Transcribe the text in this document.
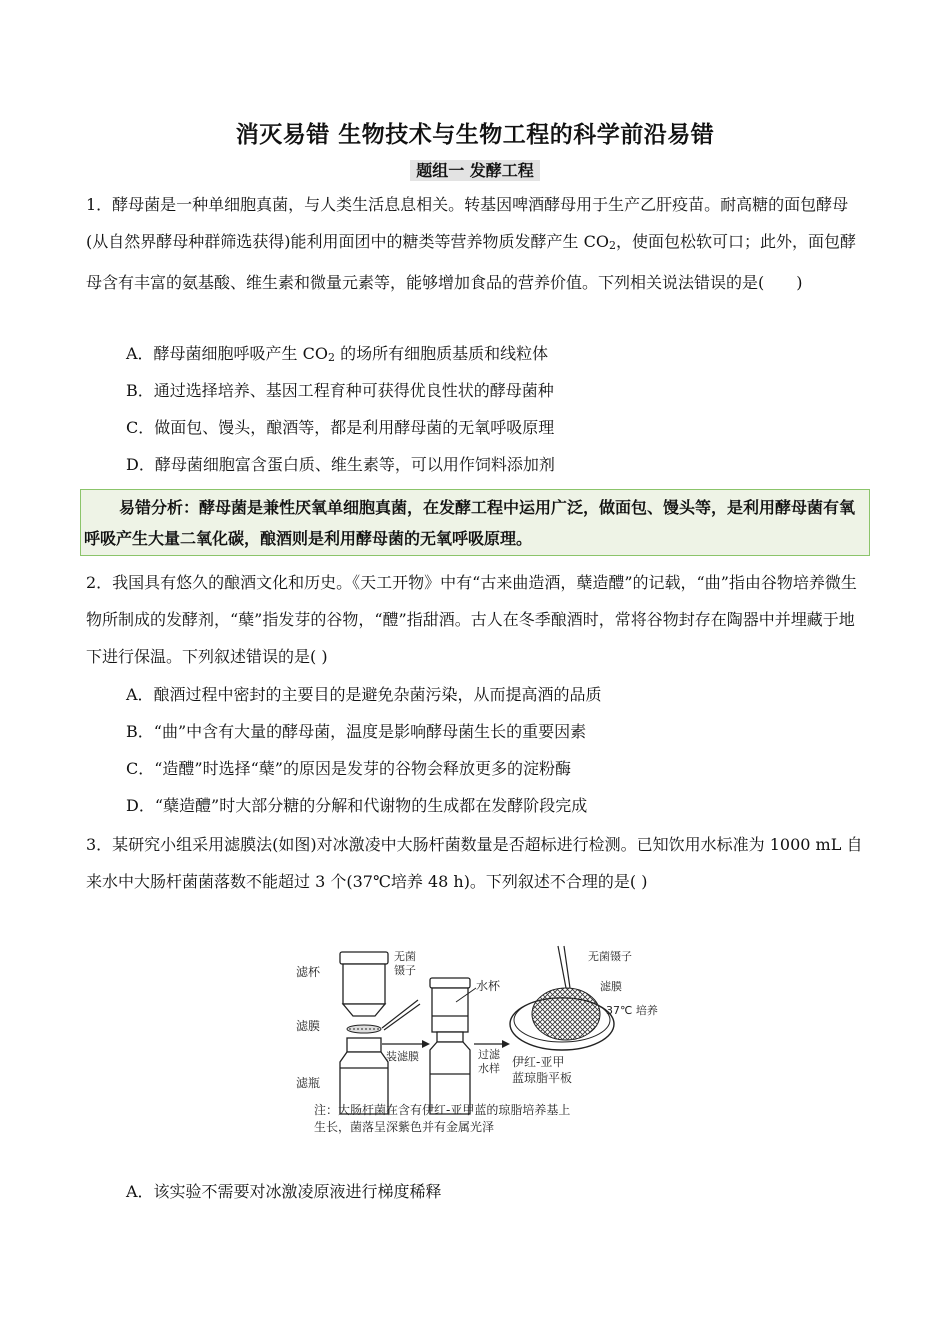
消灭易错 生物技术与生物工程的科学前沿易错
题组一 发酵工程

1．酵母菌是一种单细胞真菌，与人类生活息息相关。转基因啤酒酵母用于生产乙肝疫苗。耐高糖的面包酵母(从自然界酵母种群筛选获得)能利用面团中的糖类等营养物质发酵产生 $CO_2$，使面包松软可口；此外，面包酵母含有丰富的氨基酸、维生素和微量元素等，能够增加食品的营养价值。下列相关说法错误的是(　　)

A．酵母菌细胞呼吸产生 $CO_2$ 的场所有细胞质基质和线粒体

B．通过选择培养、基因工程育种可获得优良性状的酵母菌种

C．做面包、馒头，酿酒等，都是利用酵母菌的无氧呼吸原理

D．酵母菌细胞富含蛋白质、维生素等，可以用作饲料添加剂

易错分析：酵母菌是兼性厌氧单细胞真菌，在发酵工程中运用广泛，做面包、馒头等，是利用酵母菌有氧呼吸产生大量二氧化碳，酿酒则是利用酵母菌的无氧呼吸原理。

2．我国具有悠久的酿酒文化和历史。《天工开物》中有“古来曲造酒，蘖造醴”的记载，“曲”指由谷物培养微生物所制成的发酵剂，“蘖”指发芽的谷物，“醴”指甜酒。古人在冬季酿酒时，常将谷物封存在陶器中并埋藏于地下进行保温。下列叙述错误的是( )

A．酿酒过程中密封的主要目的是避免杂菌污染，从而提高酒的品质

B．“曲”中含有大量的酵母菌，温度是影响酵母菌生长的重要因素

C．“造醴”时选择“蘖”的原因是发芽的谷物会释放更多的淀粉酶

D．“蘖造醴”时大部分糖的分解和代谢物的生成都在发酵阶段完成

3．某研究小组采用滤膜法(如图)对冰激凌中大肠杆菌数量是否超标进行检测。已知饮用水标准为 1000 mL 自来水中大肠杆菌菌落数不能超过 3 个(37℃培养 48 h)。下列叙述不合理的是( )

滤杯
滤膜
滤瓶
无菌
镊子
装滤膜
水杯
过滤
水样
无菌镊子
滤膜
37℃ 培养
伊红-亚甲
蓝琼脂平板
注：大肠杆菌在含有伊红-亚甲蓝的琼脂培养基上
生长，菌落呈深紫色并有金属光泽

A．该实验不需要对冰激凌原液进行梯度稀释
